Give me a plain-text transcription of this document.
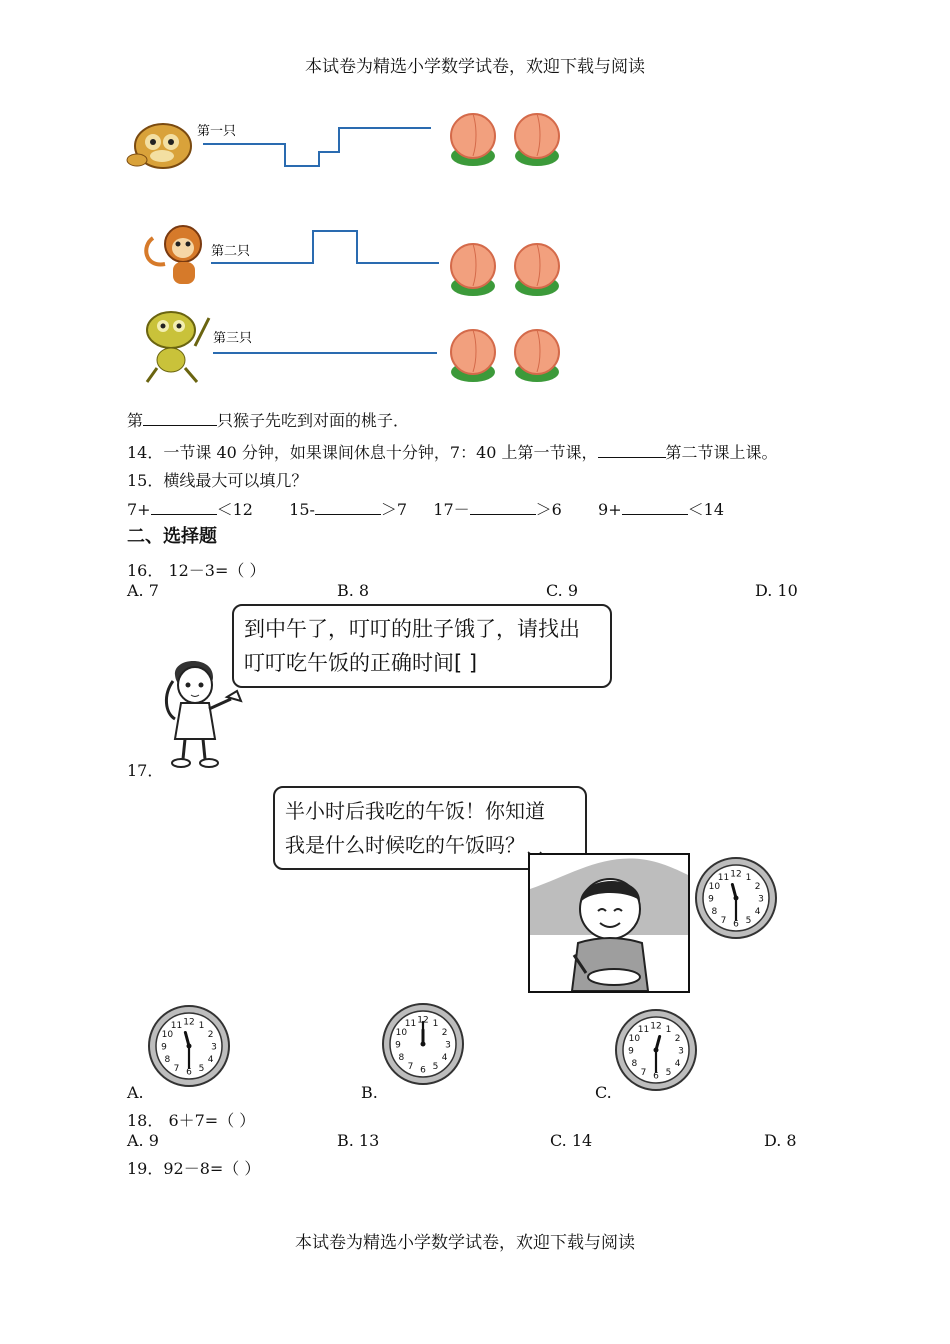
本试卷为精选小学数学试卷，欢迎下载与阅读
第一只
第二只
第三只
第	只猴子先吃到对面的桃子．
14．一节课 40 分钟，如果课间休息十分钟，7：40 上第一节课，	第二节课上课。
15．横线最大可以填几？
7+	＜12 15-	＞7 17－	＞6 9+	＜14
二、选择题
16． 12－3=（ ）
A. 7	B. 8	C. 9	D. 10
到中午了，叮叮的肚子饿了，请找出
叮叮吃午饭的正确时间[ ]
17．
半小时后我吃的午饭！你知道
我是什么时候吃的午饭吗？
12 1
2
3
4
5
6
7
8
9
10
11
12 1
2
3
4
5
6
7
8
9
10
11
12 1
2
3
4
5
6
7
8
9
10
11	12 1
2
3
4
5
6
7
8
9
10
11
A.	B.	C.
18． 6＋7=（ ）
A. 9	B. 13	C. 14	D. 8
19．92－8=（ ）
本试卷为精选小学数学试卷，欢迎下载与阅读
